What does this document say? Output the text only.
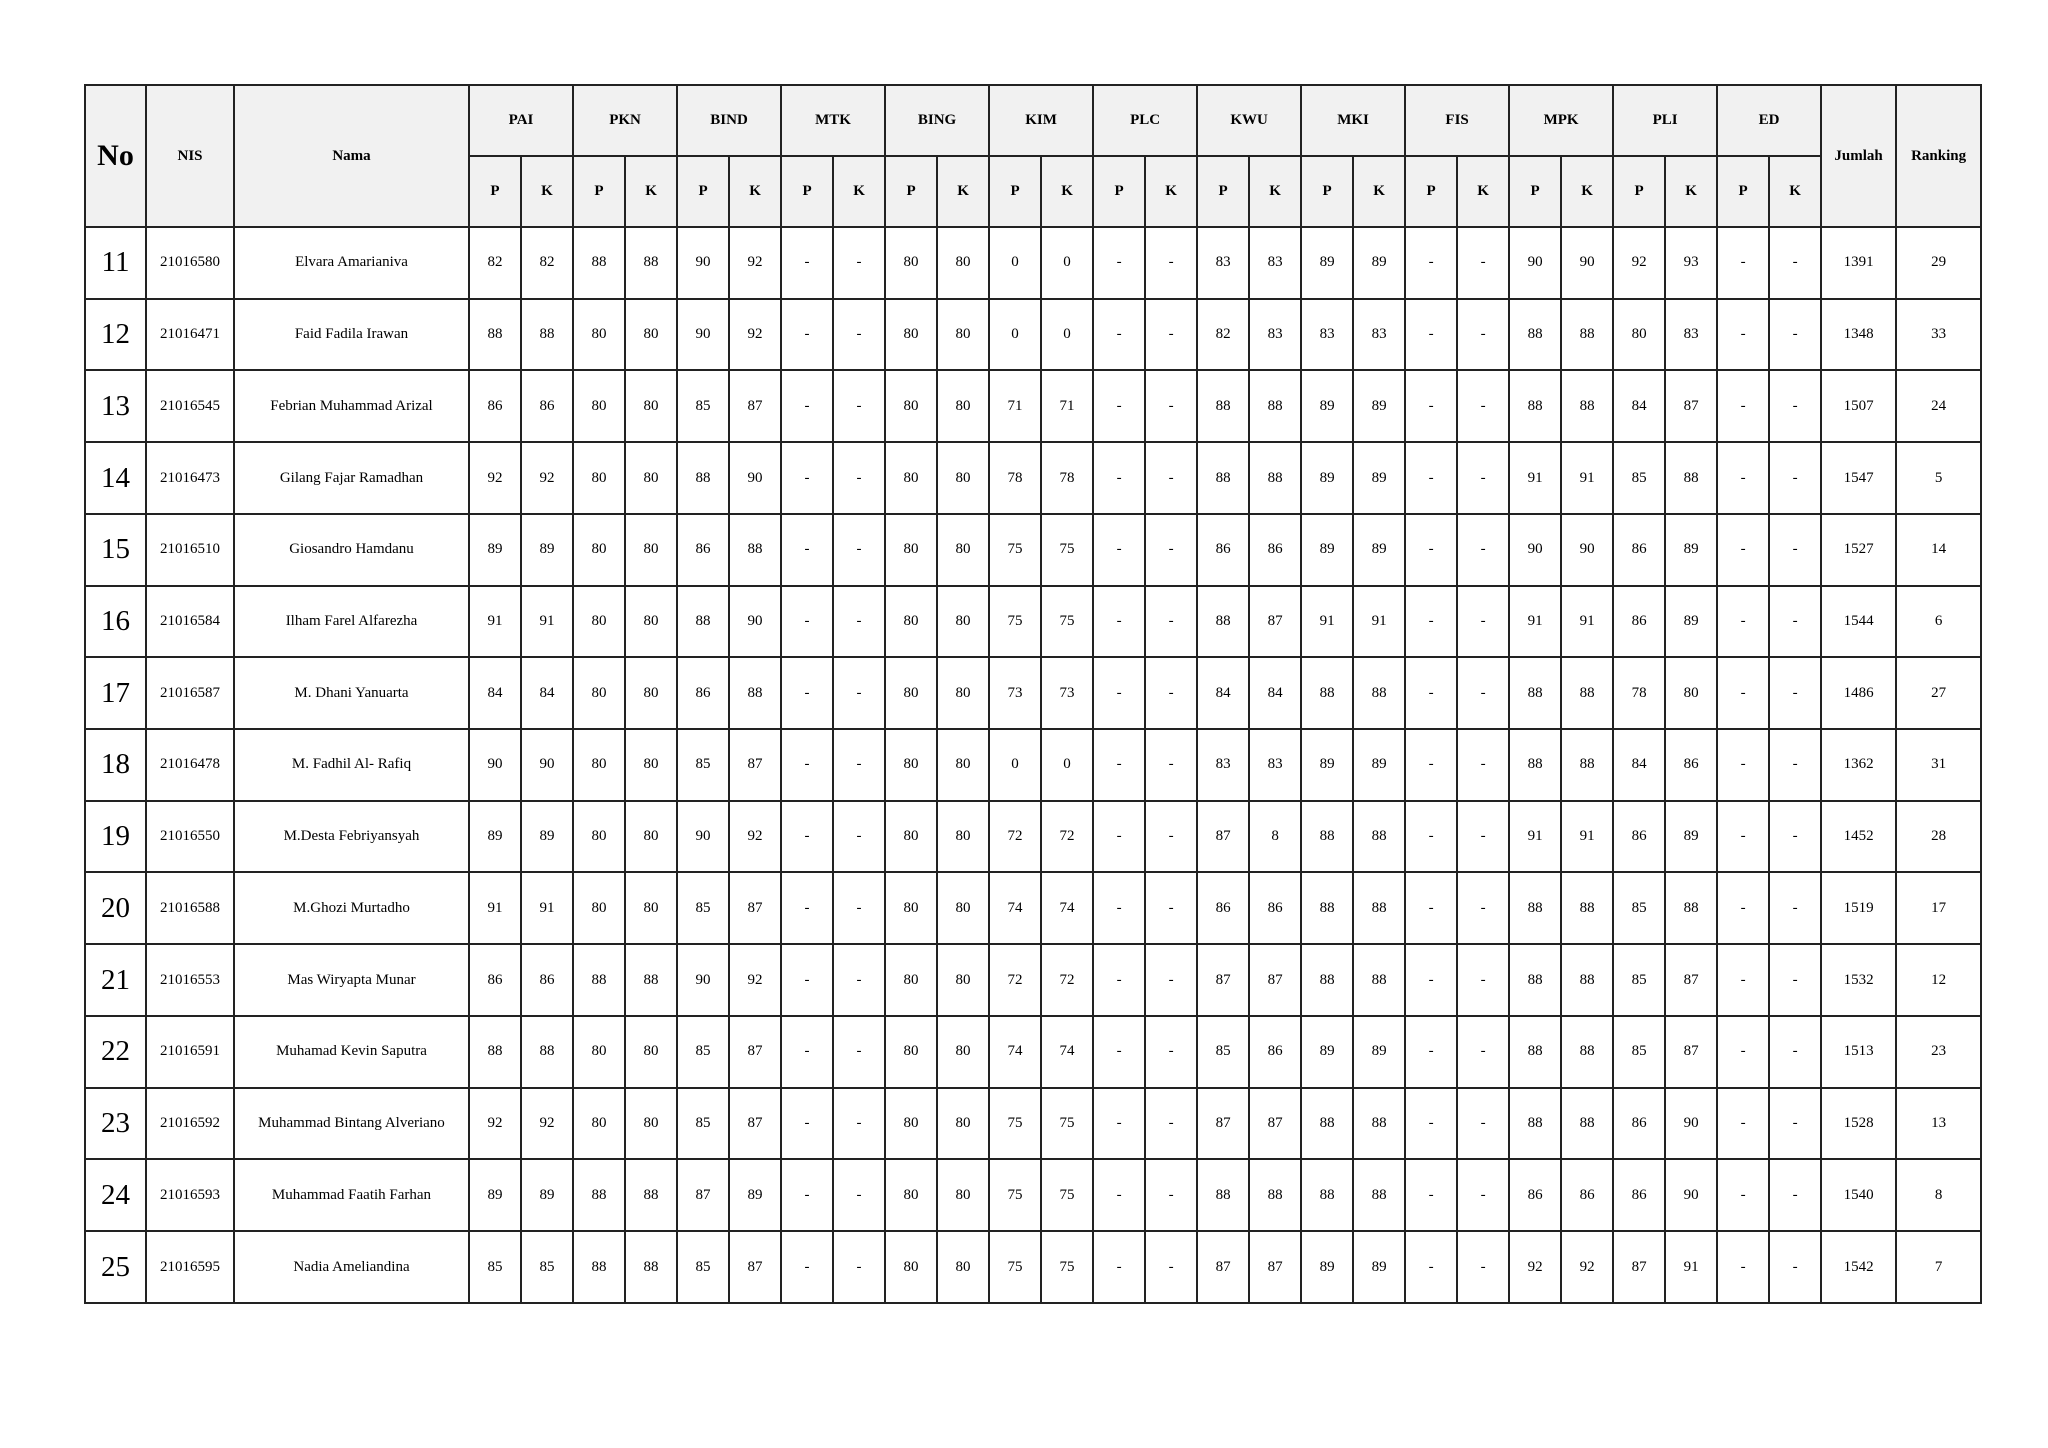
No	NIS	Nama	PAI		PKN		BIND		MTK		BING		KIM		PLC		KWU		MKI		FIS		MPK		PLI		ED		Jumlah	Ranking
			P	K	P	K	P	K	P	K	P	K	P	K	P	K	P	K	P	K	P	K	P	K	P	K	P	K		
11	21016580	Elvara Amarianiva	82	82	88	88	90	92	-	-	80	80	0	0	-	-	83	83	89	89	-	-	90	90	92	93	-	-	1391	29
12	21016471	Faid Fadila Irawan	88	88	80	80	90	92	-	-	80	80	0	0	-	-	82	83	83	83	-	-	88	88	80	83	-	-	1348	33
13	21016545	Febrian Muhammad Arizal	86	86	80	80	85	87	-	-	80	80	71	71	-	-	88	88	89	89	-	-	88	88	84	87	-	-	1507	24
14	21016473	Gilang Fajar Ramadhan	92	92	80	80	88	90	-	-	80	80	78	78	-	-	88	88	89	89	-	-	91	91	85	88	-	-	1547	5
15	21016510	Giosandro Hamdanu	89	89	80	80	86	88	-	-	80	80	75	75	-	-	86	86	89	89	-	-	90	90	86	89	-	-	1527	14
16	21016584	Ilham Farel Alfarezha	91	91	80	80	88	90	-	-	80	80	75	75	-	-	88	87	91	91	-	-	91	91	86	89	-	-	1544	6
17	21016587	M. Dhani Yanuarta	84	84	80	80	86	88	-	-	80	80	73	73	-	-	84	84	88	88	-	-	88	88	78	80	-	-	1486	27
18	21016478	M. Fadhil Al- Rafiq	90	90	80	80	85	87	-	-	80	80	0	0	-	-	83	83	89	89	-	-	88	88	84	86	-	-	1362	31
19	21016550	M.Desta Febriyansyah	89	89	80	80	90	92	-	-	80	80	72	72	-	-	87	8	88	88	-	-	91	91	86	89	-	-	1452	28
20	21016588	M.Ghozi Murtadho	91	91	80	80	85	87	-	-	80	80	74	74	-	-	86	86	88	88	-	-	88	88	85	88	-	-	1519	17
21	21016553	Mas Wiryapta Munar	86	86	88	88	90	92	-	-	80	80	72	72	-	-	87	87	88	88	-	-	88	88	85	87	-	-	1532	12
22	21016591	Muhamad Kevin Saputra	88	88	80	80	85	87	-	-	80	80	74	74	-	-	85	86	89	89	-	-	88	88	85	87	-	-	1513	23
23	21016592	Muhammad Bintang Alveriano	92	92	80	80	85	87	-	-	80	80	75	75	-	-	87	87	88	88	-	-	88	88	86	90	-	-	1528	13
24	21016593	Muhammad Faatih Farhan	89	89	88	88	87	89	-	-	80	80	75	75	-	-	88	88	88	88	-	-	86	86	86	90	-	-	1540	8
25	21016595	Nadia Ameliandina	85	85	88	88	85	87	-	-	80	80	75	75	-	-	87	87	89	89	-	-	92	92	87	91	-	-	1542	7
